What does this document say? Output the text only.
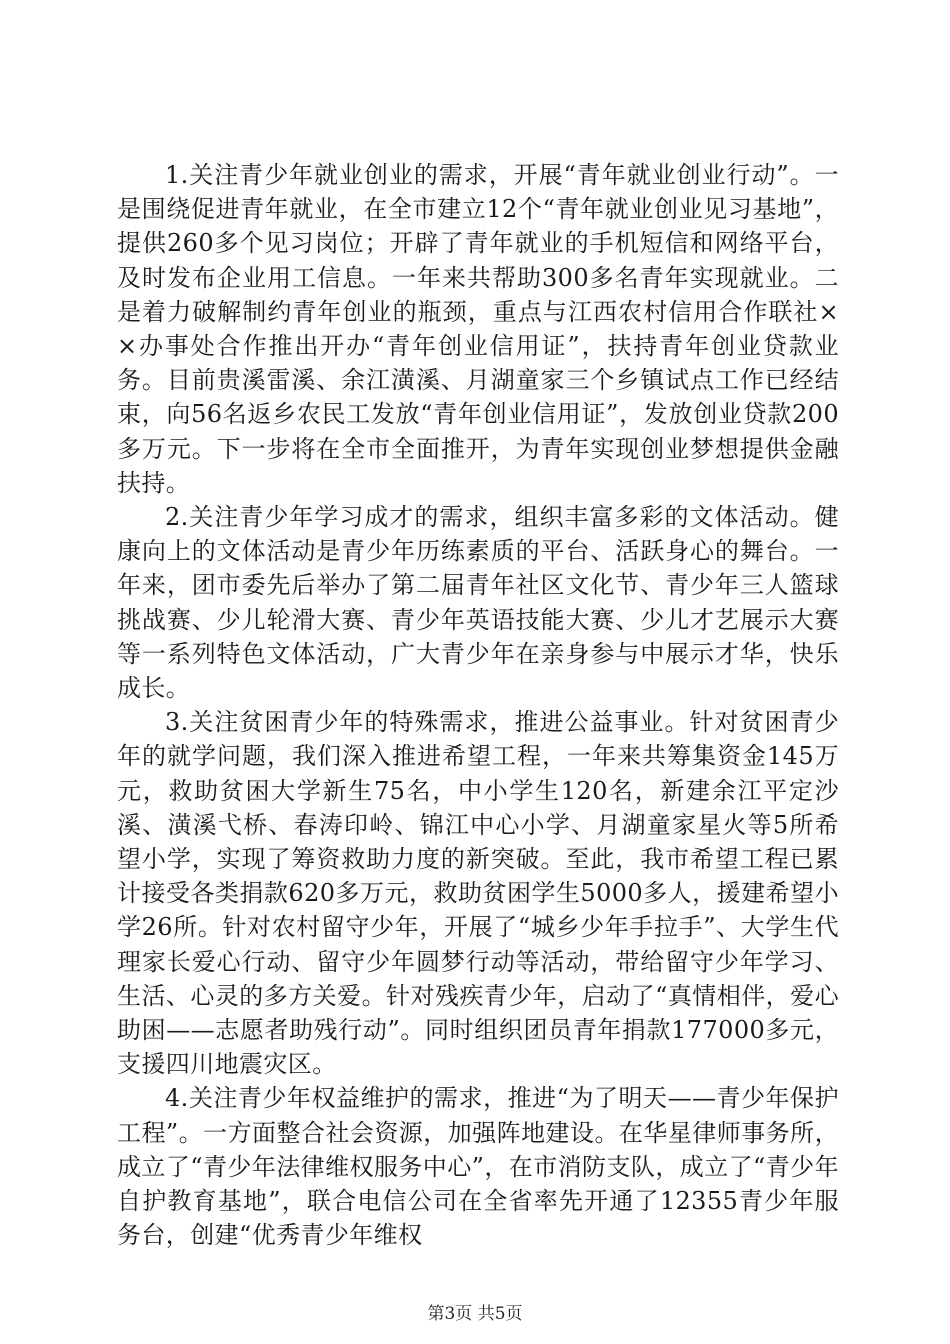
1.关注青少年就业创业的需求，开展“青年就业创业行动”。一是围绕促进青年就业，在全市建立12个“青年就业创业见习基地”，提供260多个见习岗位；开辟了青年就业的手机短信和网络平台，及时发布企业用工信息。一年来共帮助300多名青年实现就业。二是着力破解制约青年创业的瓶颈，重点与江西农村信用合作联社××办事处合作推出开办“青年创业信用证”，扶持青年创业贷款业务。目前贵溪雷溪、余江潢溪、月湖童家三个乡镇试点工作已经结束，向56名返乡农民工发放“青年创业信用证”，发放创业贷款200多万元。下一步将在全市全面推开，为青年实现创业梦想提供金融扶持。

2.关注青少年学习成才的需求，组织丰富多彩的文体活动。健康向上的文体活动是青少年历练素质的平台、活跃身心的舞台。一年来，团市委先后举办了第二届青年社区文化节、青少年三人篮球挑战赛、少儿轮滑大赛、青少年英语技能大赛、少儿才艺展示大赛等一系列特色文体活动，广大青少年在亲身参与中展示才华，快乐成长。

3.关注贫困青少年的特殊需求，推进公益事业。针对贫困青少年的就学问题，我们深入推进希望工程，一年来共筹集资金145万元，救助贫困大学新生75名，中小学生120名，新建余江平定沙溪、潢溪弋桥、春涛印岭、锦江中心小学、月湖童家星火等5所希望小学，实现了筹资救助力度的新突破。至此，我市希望工程已累计接受各类捐款620多万元，救助贫困学生5000多人，援建希望小学26所。针对农村留守少年，开展了“城乡少年手拉手”、大学生代理家长爱心行动、留守少年圆梦行动等活动，带给留守少年学习、生活、心灵的多方关爱。针对残疾青少年，启动了“真情相伴，爱心助困——志愿者助残行动”。同时组织团员青年捐款177000多元，支援四川地震灾区。

4.关注青少年权益维护的需求，推进“为了明天——青少年保护工程”。一方面整合社会资源，加强阵地建设。在华星律师事务所，成立了“青少年法律维权服务中心”，在市消防支队，成立了“青少年自护教育基地”，联合电信公司在全省率先开通了12355青少年服务台，创建“优秀青少年维权

第3页 共5页
